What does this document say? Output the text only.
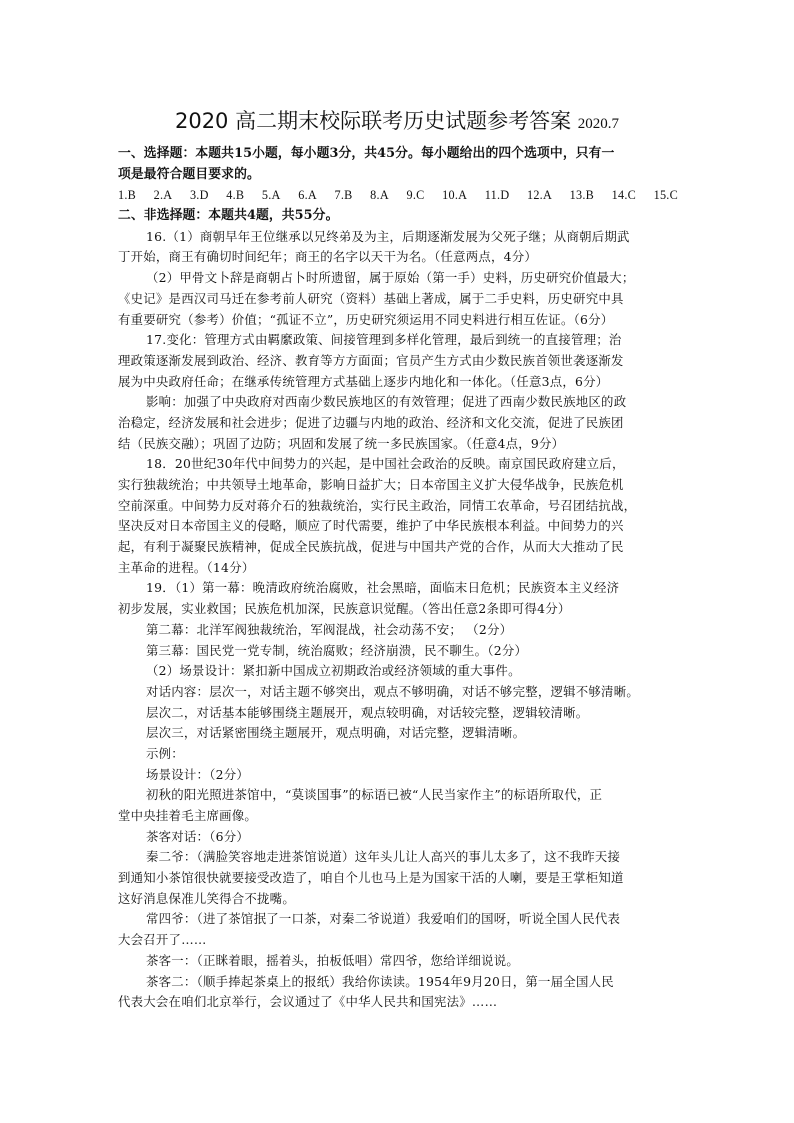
2020 高二期末校际联考历史试题参考答案 2020.7
一、选择题：本题共15小题，每小题3分，共45分。每小题给出的四个选项中，只有一
项是最符合题目要求的。
1.B 2.A 3.D 4.B 5.A 6.A 7.B 8.A 9.C 10.A 11.D 12.A 13.B 14.C 15.C
二、非选择题：本题共4题，共55分。
16.（1）商朝早年王位继承以兄终弟及为主，后期逐渐发展为父死子继；从商朝后期武
丁开始，商王有确切时间纪年；商王的名字以天干为名。（任意两点，4分）
（2）甲骨文卜辞是商朝占卜时所遗留，属于原始（第一手）史料，历史研究价值最大；
《史记》是西汉司马迁在参考前人研究（资料）基础上著成，属于二手史料，历史研究中具
有重要研究（参考）价值；“孤证不立”，历史研究须运用不同史料进行相互佐证。（6分）
17.变化：管理方式由羁縻政策、间接管理到多样化管理，最后到统一的直接管理；治
理政策逐渐发展到政治、经济、教育等方方面面；官员产生方式由少数民族首领世袭逐渐发
展为中央政府任命；在继承传统管理方式基础上逐步内地化和一体化。（任意3点，6分）
影响：加强了中央政府对西南少数民族地区的有效管理；促进了西南少数民族地区的政
治稳定，经济发展和社会进步；促进了边疆与内地的政治、经济和文化交流，促进了民族团
结（民族交融）；巩固了边防；巩固和发展了统一多民族国家。（任意4点，9分）
18．20世纪30年代中间势力的兴起，是中国社会政治的反映。南京国民政府建立后，
实行独裁统治；中共领导土地革命，影响日益扩大；日本帝国主义扩大侵华战争，民族危机
空前深重。中间势力反对蒋介石的独裁统治，实行民主政治，同情工农革命，号召团结抗战，
坚决反对日本帝国主义的侵略，顺应了时代需要，维护了中华民族根本利益。中间势力的兴
起，有利于凝聚民族精神，促成全民族抗战，促进与中国共产党的合作，从而大大推动了民
主革命的进程。（14分）
19．（1）第一幕：晚清政府统治腐败，社会黑暗，面临末日危机；民族资本主义经济
初步发展，实业救国；民族危机加深，民族意识觉醒。（答出任意2条即可得4分）
第二幕：北洋军阀独裁统治，军阀混战，社会动荡不安； （2分）
第三幕：国民党一党专制，统治腐败；经济崩溃，民不聊生。（2分）
（2）场景设计：紧扣新中国成立初期政治或经济领域的重大事件。
对话内容：层次一，对话主题不够突出，观点不够明确，对话不够完整，逻辑不够清晰。
层次二，对话基本能够围绕主题展开，观点较明确，对话较完整，逻辑较清晰。
层次三，对话紧密围绕主题展开，观点明确，对话完整，逻辑清晰。
示例：
场景设计：（2分）
初秋的阳光照进茶馆中，“莫谈国事”的标语已被“人民当家作主”的标语所取代，正
堂中央挂着毛主席画像。
茶客对话：（6分）
秦二爷：（满脸笑容地走进茶馆说道）这年头儿让人高兴的事儿太多了，这不我昨天接
到通知小茶馆很快就要接受改造了，咱自个儿也马上是为国家干活的人喇，要是王掌柜知道
这好消息保准儿笑得合不拢嘴。
常四爷：（进了茶馆抿了一口茶，对秦二爷说道）我爱咱们的国呀，听说全国人民代表
大会召开了……
茶客一：（正眯着眼，摇着头，拍板低唱）常四爷，您给详细说说。
茶客二：（顺手捧起茶桌上的报纸）我给你读读。1954年9月20日，第一届全国人民
代表大会在咱们北京举行，会议通过了《中华人民共和国宪法》……
